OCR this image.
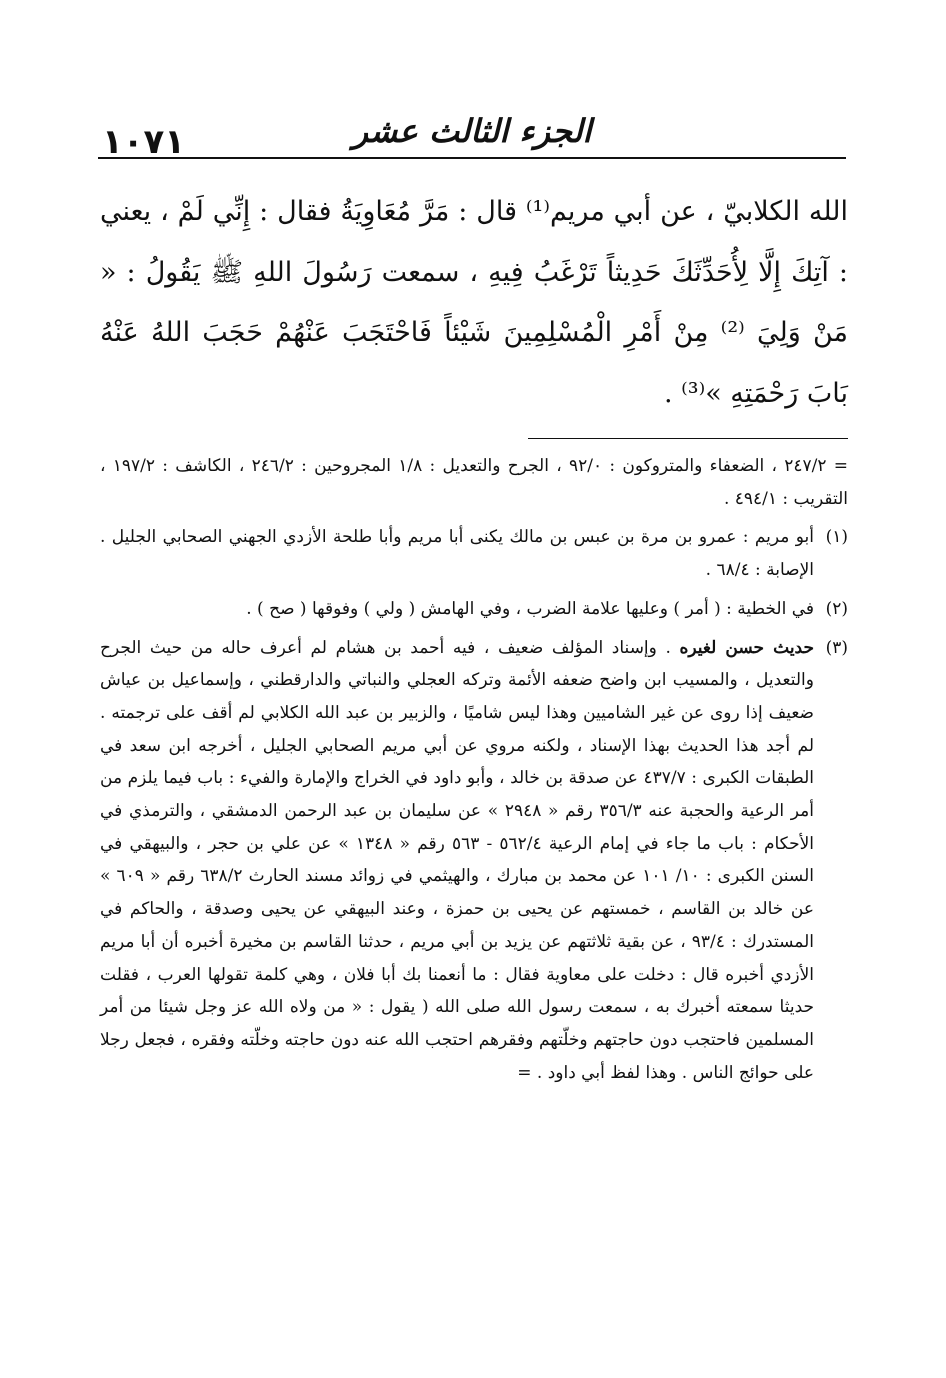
١٠٧١	الجزء الثالث عشر
الله الكلابيّ ، عن أبي مريم⁽¹⁾ قال : مَرَّ مُعَاوِيَةُ فقال : إِنِّي لَمْ ، يعني : آتِكَ إِلَّا لِأُحَدِّثَكَ حَدِيثاً تَرْغَبُ فِيهِ ، سمعت رَسُولَ اللهِ ﷺ يَقُولُ : « مَنْ وَلِيَ ⁽²⁾ مِنْ أَمْرِ الْمُسْلِمِينَ شَيْئاً فَاحْتَجَبَ عَنْهُمْ حَجَبَ اللهُ عَنْهُ بَابَ رَحْمَتِهِ »⁽³⁾ .
= ٢٤٧/٢ ، الضعفاء والمتروكون : ٩٢/٠ ، الجرح والتعديل : ١/٨ المجروحين : ٢٤٦/٢ ، الكاشف : ١٩٧/٢ ، التقريب : ٤٩٤/١ .
(١)
أبو مريم : عمرو بن مرة بن عبس بن مالك يكنى أبا مريم وأبا طلحة الأزدي الجهني الصحابي الجليل . الإصابة : ٦٨/٤ .
(٢)
في الخطية : ( أمر ) وعليها علامة الضرب ، وفي الهامش ( ولي ) وفوقها ( صح ) .
(٣)
حديث حسن لغيره . وإسناد المؤلف ضعيف ، فيه أحمد بن هشام لم أعرف حاله من حيث الجرح والتعديل ، والمسيب ابن واضح ضعفه الأئمة وتركه العجلي والنباتي والدارقطني ، وإسماعيل بن عياش ضعيف إذا روى عن غير الشاميين وهذا ليس شاميًا ، والزبير بن عبد الله الكلابي لم أقف على ترجمته . لم أجد هذا الحديث بهذا الإسناد ، ولكنه مروي عن أبي مريم الصحابي الجليل ، أخرجه ابن سعد في الطبقات الكبرى : ٤٣٧/٧ عن صدقة بن خالد ، وأبو داود في الخراج والإمارة والفيء : باب فيما يلزم من أمر الرعية والحجبة عنه ٣٥٦/٣ رقم « ٢٩٤٨ » عن سليمان بن عبد الرحمن الدمشقي ، والترمذي في الأحكام : باب ما جاء في إمام الرعية ٥٦٢/٤ - ٥٦٣ رقم « ١٣٤٨ » عن علي بن حجر ، والبيهقي في السنن الكبرى : ١٠/ ١٠١ عن محمد بن مبارك ، والهيثمي في زوائد مسند الحارث ٦٣٨/٢ رقم « ٦٠٩ » عن خالد بن القاسم ، خمستهم عن يحيى بن حمزة ، وعند البيهقي عن يحيى وصدقة ، والحاكم في المستدرك : ٩٣/٤ ، عن بقية ثلاثتهم عن يزيد بن أبي مريم ، حدثنا القاسم بن مخيرة أخبره أن أبا مريم الأزدي أخبره قال : دخلت على معاوية فقال : ما أنعمنا بك أبا فلان ، وهي كلمة تقولها العرب ، فقلت حديثا سمعته أخبرك به ، سمعت رسول الله صلى الله ( يقول : « من ولاه الله عز وجل شيئا من أمر المسلمين فاحتجب دون حاجتهم وخلّتهم وفقرهم احتجب الله عنه دون حاجته وخلّته وفقره ، فجعل رجلا على حوائج الناس . وهذا لفظ أبي داود . =
